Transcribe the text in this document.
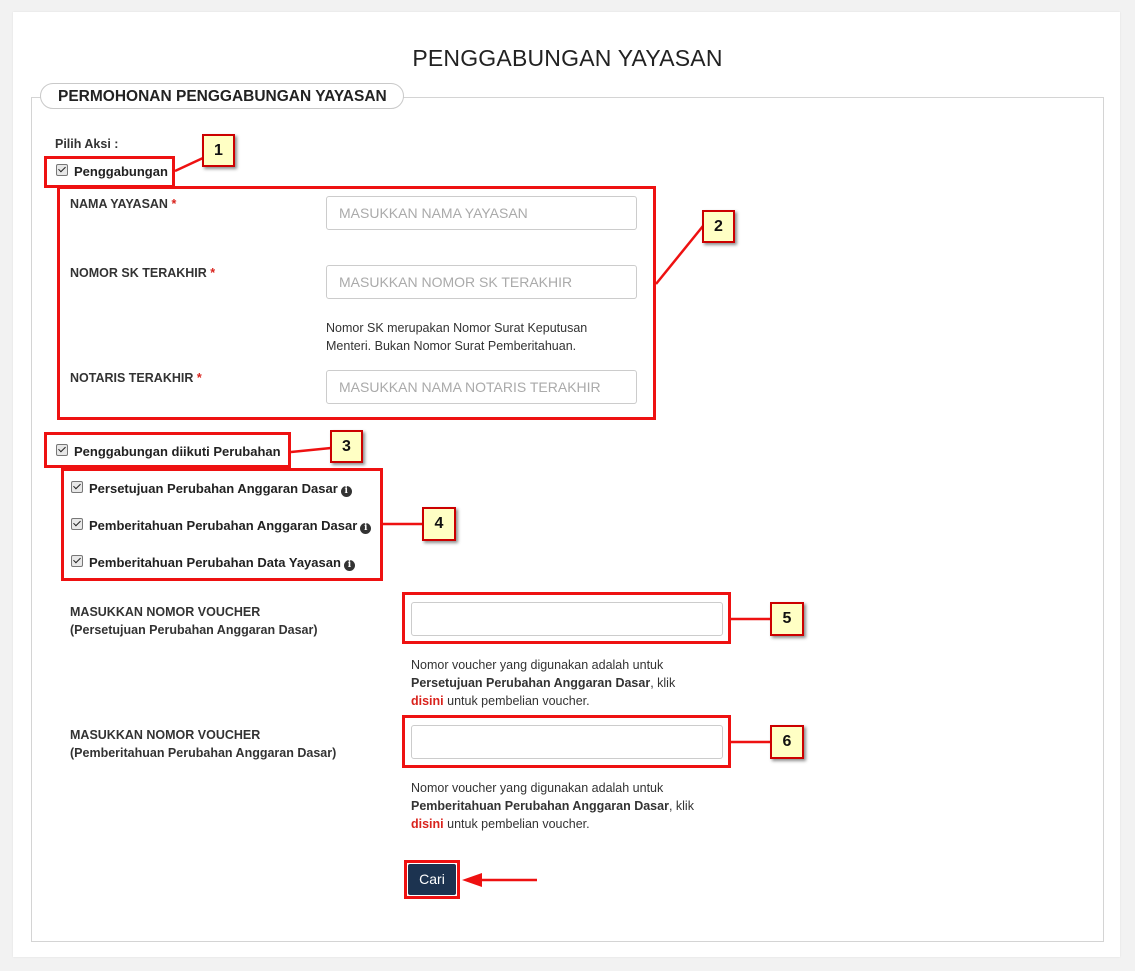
PENGGABUNGAN YAYASAN
PERMOHONAN PENGGABUNGAN YAYASAN
Pilih Aksi :
Penggabungan
NAMA YAYASAN *
MASUKKAN NAMA YAYASAN
NOMOR SK TERAKHIR *
MASUKKAN NOMOR SK TERAKHIR
Nomor SK merupakan Nomor Surat Keputusan
Menteri. Bukan Nomor Surat Pemberitahuan.
NOTARIS TERAKHIR *
MASUKKAN NAMA NOTARIS TERAKHIR
Penggabungan diikuti Perubahan
Persetujuan Perubahan Anggaran Dasar i
Pemberitahuan Perubahan Anggaran Dasar i
Pemberitahuan Perubahan Data Yayasan i
MASUKKAN NOMOR VOUCHER
(Persetujuan Perubahan Anggaran Dasar)
Nomor voucher yang digunakan adalah untuk
Persetujuan Perubahan Anggaran Dasar, klik
disini untuk pembelian voucher.
MASUKKAN NOMOR VOUCHER
(Pemberitahuan Perubahan Anggaran Dasar)
Nomor voucher yang digunakan adalah untuk
Pemberitahuan Perubahan Anggaran Dasar, klik
disini untuk pembelian voucher.
Cari
1
2
3
4
5
6
